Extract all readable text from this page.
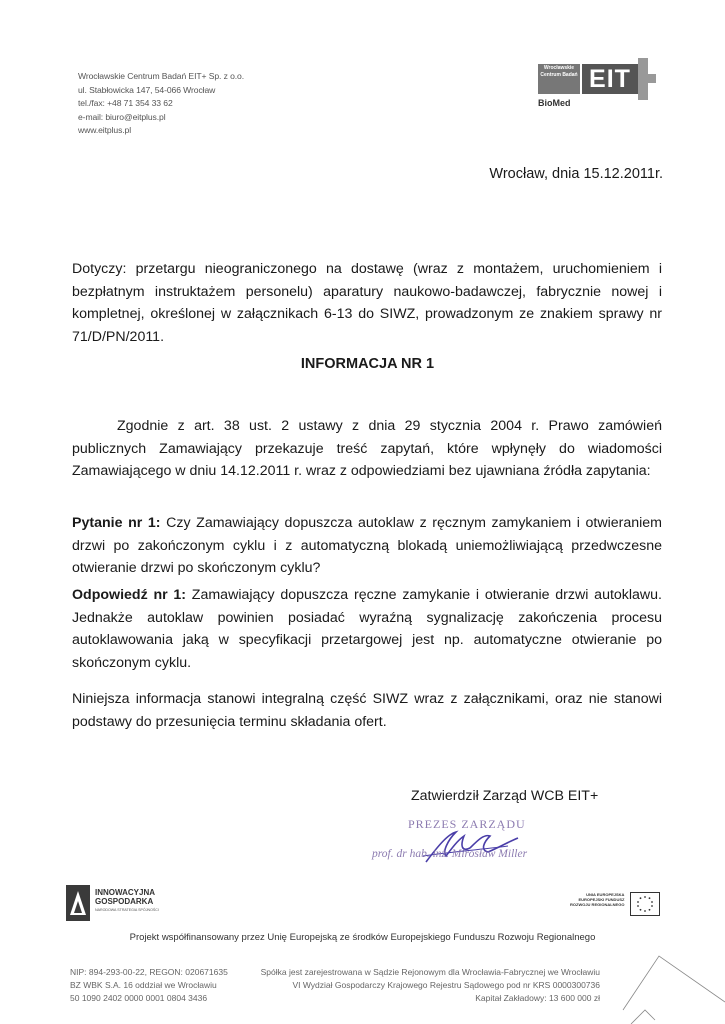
Wrocławskie Centrum Badań EIT+ Sp. z o.o.
ul. Stabłowicka 147, 54-066 Wrocław
tel./fax: +48 71 354 33 62
e-mail: biuro@eitplus.pl
www.eitplus.pl
Wrocławskie Centrum Badań EIT
BioMed
Wrocław, dnia 15.12.2011r.
Dotyczy: przetargu nieograniczonego na dostawę (wraz z montażem, uruchomieniem i bezpłatnym instruktażem personelu) aparatury naukowo-badawczej, fabrycznie nowej i kompletnej, określonej w załącznikach 6-13 do SIWZ, prowadzonym ze znakiem sprawy nr 71/D/PN/2011.
INFORMACJA NR 1
Zgodnie z art. 38 ust. 2 ustawy z dnia 29 stycznia 2004 r. Prawo zamówień publicznych Zamawiający przekazuje treść zapytań, które wpłynęły do wiadomości Zamawiającego w dniu 14.12.2011 r. wraz z odpowiedziami bez ujawniana źródła zapytania:
Pytanie nr 1: Czy Zamawiający dopuszcza autoklaw z ręcznym zamykaniem i otwieraniem drzwi po zakończonym cyklu i z automatyczną blokadą uniemożliwiającą przedwczesne otwieranie drzwi po skończonym cyklu?
Odpowiedź nr 1: Zamawiający dopuszcza ręczne zamykanie i otwieranie drzwi autoklawu. Jednakże autoklaw powinien posiadać wyraźną sygnalizację zakończenia procesu autoklawowania jaką w specyfikacji przetargowej jest np. automatyczne otwieranie po skończonym cyklu.
Niniejsza informacja stanowi integralną część SIWZ wraz z załącznikami, oraz nie stanowi podstawy do przesunięcia terminu składania ofert.
Zatwierdził Zarząd WCB EIT+
PREZES ZARZĄDU
prof. dr hab. inż. Mirosław Miller
INNOWACYJNA
GOSPODARKA
NARODOWA STRATEGIA SPÓJNOŚCI
UNIA EUROPEJSKA
EUROPEJSKI FUNDUSZ
ROZWOJU REGIONALNEGO
Projekt współfinansowany przez Unię Europejską ze środków Europejskiego Funduszu Rozwoju Regionalnego
NIP: 894-293-00-22, REGON: 020671635
BZ WBK S.A. 16 oddział we Wrocławiu
50 1090 2402 0000 0001 0804 3436
Spółka jest zarejestrowana w Sądzie Rejonowym dla Wrocławia-Fabrycznej we Wrocławiu
VI Wydział Gospodarczy Krajowego Rejestru Sądowego pod nr KRS 0000300736
Kapitał Zakładowy: 13 600 000 zł
